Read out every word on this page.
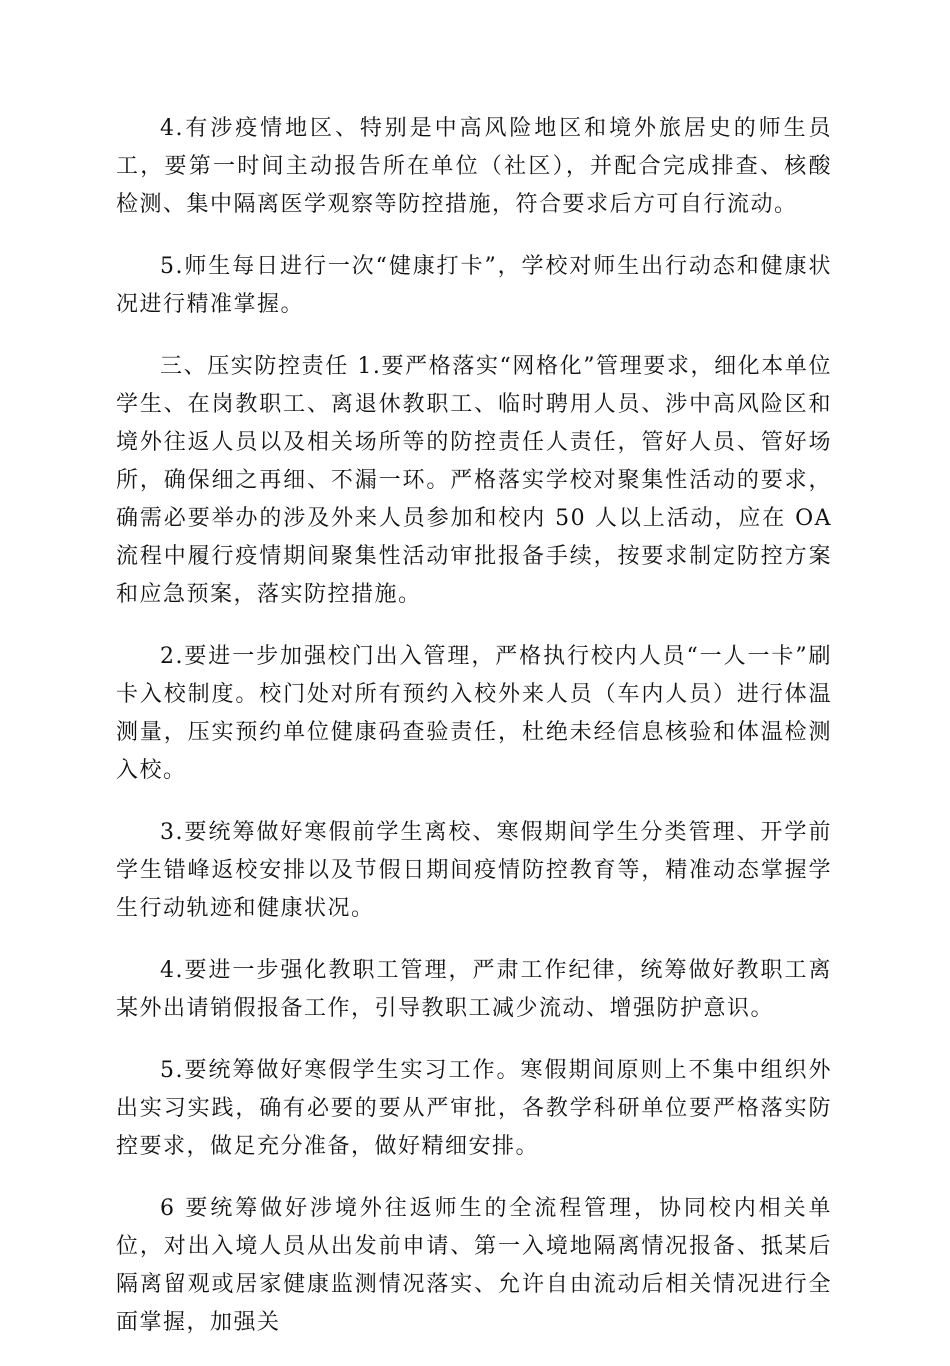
4.有涉疫情地区、特别是中高风险地区和境外旅居史的师生员工，要第一时间主动报告所在单位（社区），并配合完成排查、核酸检测、集中隔离医学观察等防控措施，符合要求后方可自行流动。

5.师生每日进行一次“健康打卡”，学校对师生出行动态和健康状况进行精准掌握。

三、压实防控责任 1.要严格落实“网格化”管理要求，细化本单位学生、在岗教职工、离退休教职工、临时聘用人员、涉中高风险区和境外往返人员以及相关场所等的防控责任人责任，管好人员、管好场所，确保细之再细、不漏一环。严格落实学校对聚集性活动的要求，确需必要举办的涉及外来人员参加和校内 50 人以上活动，应在 OA 流程中履行疫情期间聚集性活动审批报备手续，按要求制定防控方案和应急预案，落实防控措施。

2.要进一步加强校门出入管理，严格执行校内人员“一人一卡”刷卡入校制度。校门处对所有预约入校外来人员（车内人员）进行体温测量，压实预约单位健康码查验责任，杜绝未经信息核验和体温检测入校。

3.要统筹做好寒假前学生离校、寒假期间学生分类管理、开学前学生错峰返校安排以及节假日期间疫情防控教育等，精准动态掌握学生行动轨迹和健康状况。

4.要进一步强化教职工管理，严肃工作纪律，统筹做好教职工离某外出请销假报备工作，引导教职工减少流动、增强防护意识。

5.要统筹做好寒假学生实习工作。寒假期间原则上不集中组织外出实习实践，确有必要的要从严审批，各教学科研单位要严格落实防控要求，做足充分准备，做好精细安排。

6 要统筹做好涉境外往返师生的全流程管理，协同校内相关单位，对出入境人员从出发前申请、第一入境地隔离情况报备、抵某后隔离留观或居家健康监测情况落实、允许自由流动后相关情况进行全面掌握，加强关
